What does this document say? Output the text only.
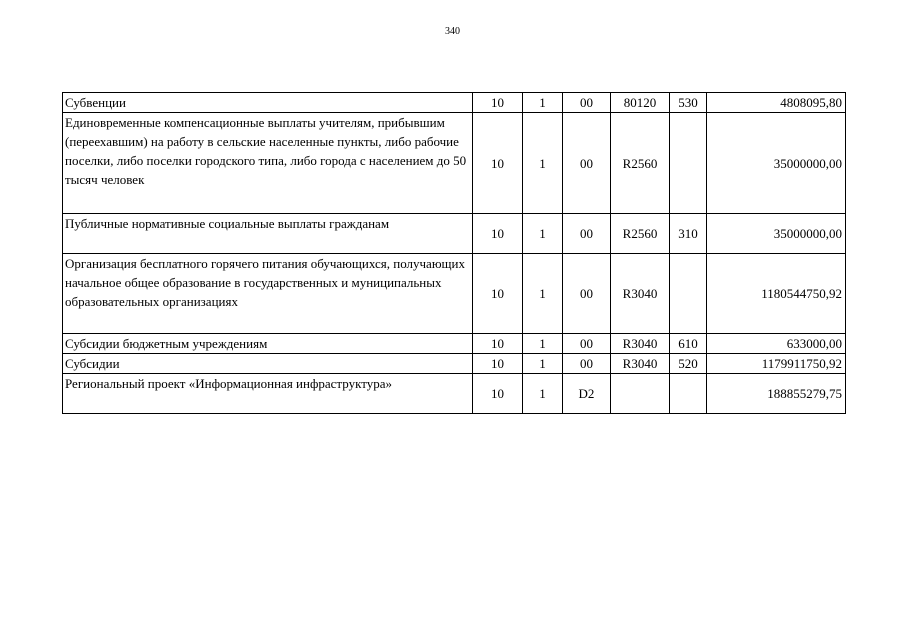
340
Субвенции	10	1	00	80120	530	4808095,80
Единовременные компенсационные выплаты учителям, прибывшим (переехавшим) на работу в сельские населенные пункты, либо рабочие поселки, либо поселки городского типа, либо города с населением до 50 тысяч человек	10	1	00	R2560		35000000,00
Публичные нормативные социальные выплаты гражданам	10	1	00	R2560	310	35000000,00
Организация бесплатного горячего питания обучающихся, получающих начальное общее образование в государственных и муниципальных образовательных организациях	10	1	00	R3040		1180544750,92
Субсидии бюджетным учреждениям	10	1	00	R3040	610	633000,00
Субсидии	10	1	00	R3040	520	1179911750,92
Региональный проект «Информационная инфраструктура»	10	1	D2			188855279,75
